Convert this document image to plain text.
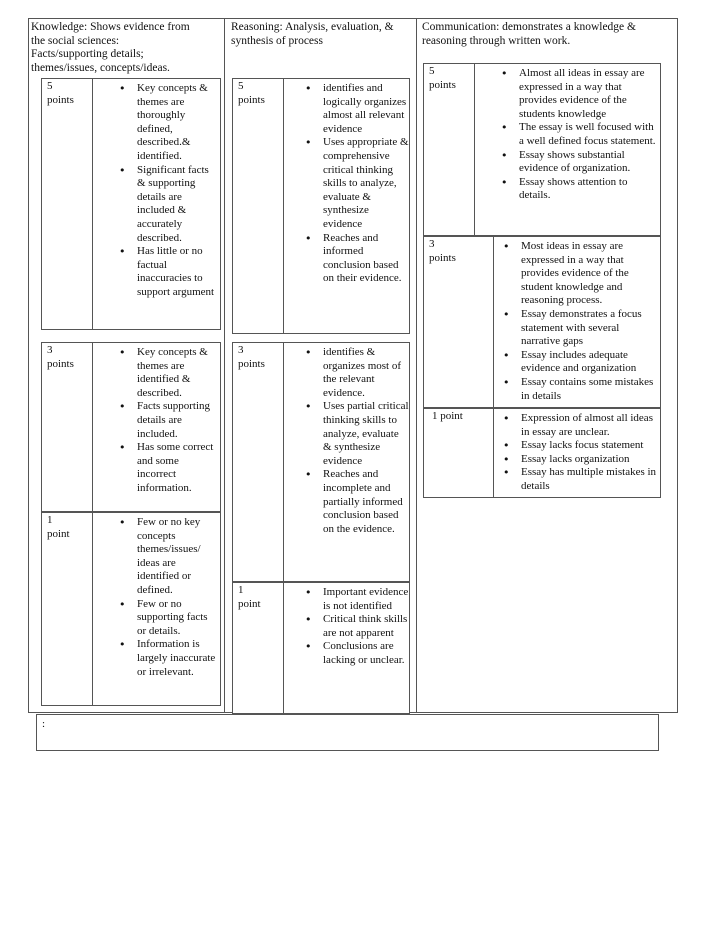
Knowledge: Shows evidence from
the social sciences:
Facts/supporting details;
themes/issues, concepts/ideas.
Reasoning: Analysis, evaluation, &
synthesis of process
Communication: demonstrates a knowledge &
reasoning through written work.
5
points
• Key concepts & themes are thoroughly defined, described.& identified.
• Significant facts & supporting details are included & accurately described.
• Has little or no factual inaccuracies to support argument
3
points
• Key concepts & themes are identified & described.
• Facts supporting details are included.
• Has some correct and some incorrect information.
1
point
• Few or no key concepts themes/issues/ ideas are identified or defined.
• Few or no supporting facts or details.
• Information is largely inaccurate or irrelevant.
5
points
• identifies and logically organizes almost all relevant evidence
• Uses appropriate & comprehensive critical thinking skills to analyze, evaluate & synthesize evidence
• Reaches and informed conclusion based on their evidence.
3
points
• identifies & organizes most of the relevant evidence.
• Uses partial critical thinking skills to analyze, evaluate & synthesize evidence
• Reaches and incomplete and partially informed conclusion based on the evidence.
1
point
• Important evidence is not identified
• Critical think skills are not apparent
• Conclusions are lacking or unclear.
5
points
• Almost all ideas in essay are expressed in a way that provides evidence of the students knowledge
• The essay is well focused with a well defined focus statement.
• Essay shows substantial evidence of organization.
• Essay shows attention to details.
3
points
• Most ideas in essay are expressed in a way that provides evidence of the student knowledge and reasoning process.
• Essay demonstrates a focus statement with several narrative gaps
• Essay includes adequate evidence and organization
• Essay contains some mistakes in details
1 point
•	Expression of almost all ideas in essay are unclear.
• Essay lacks focus statement
• Essay lacks organization
• Essay has multiple mistakes in details
:
